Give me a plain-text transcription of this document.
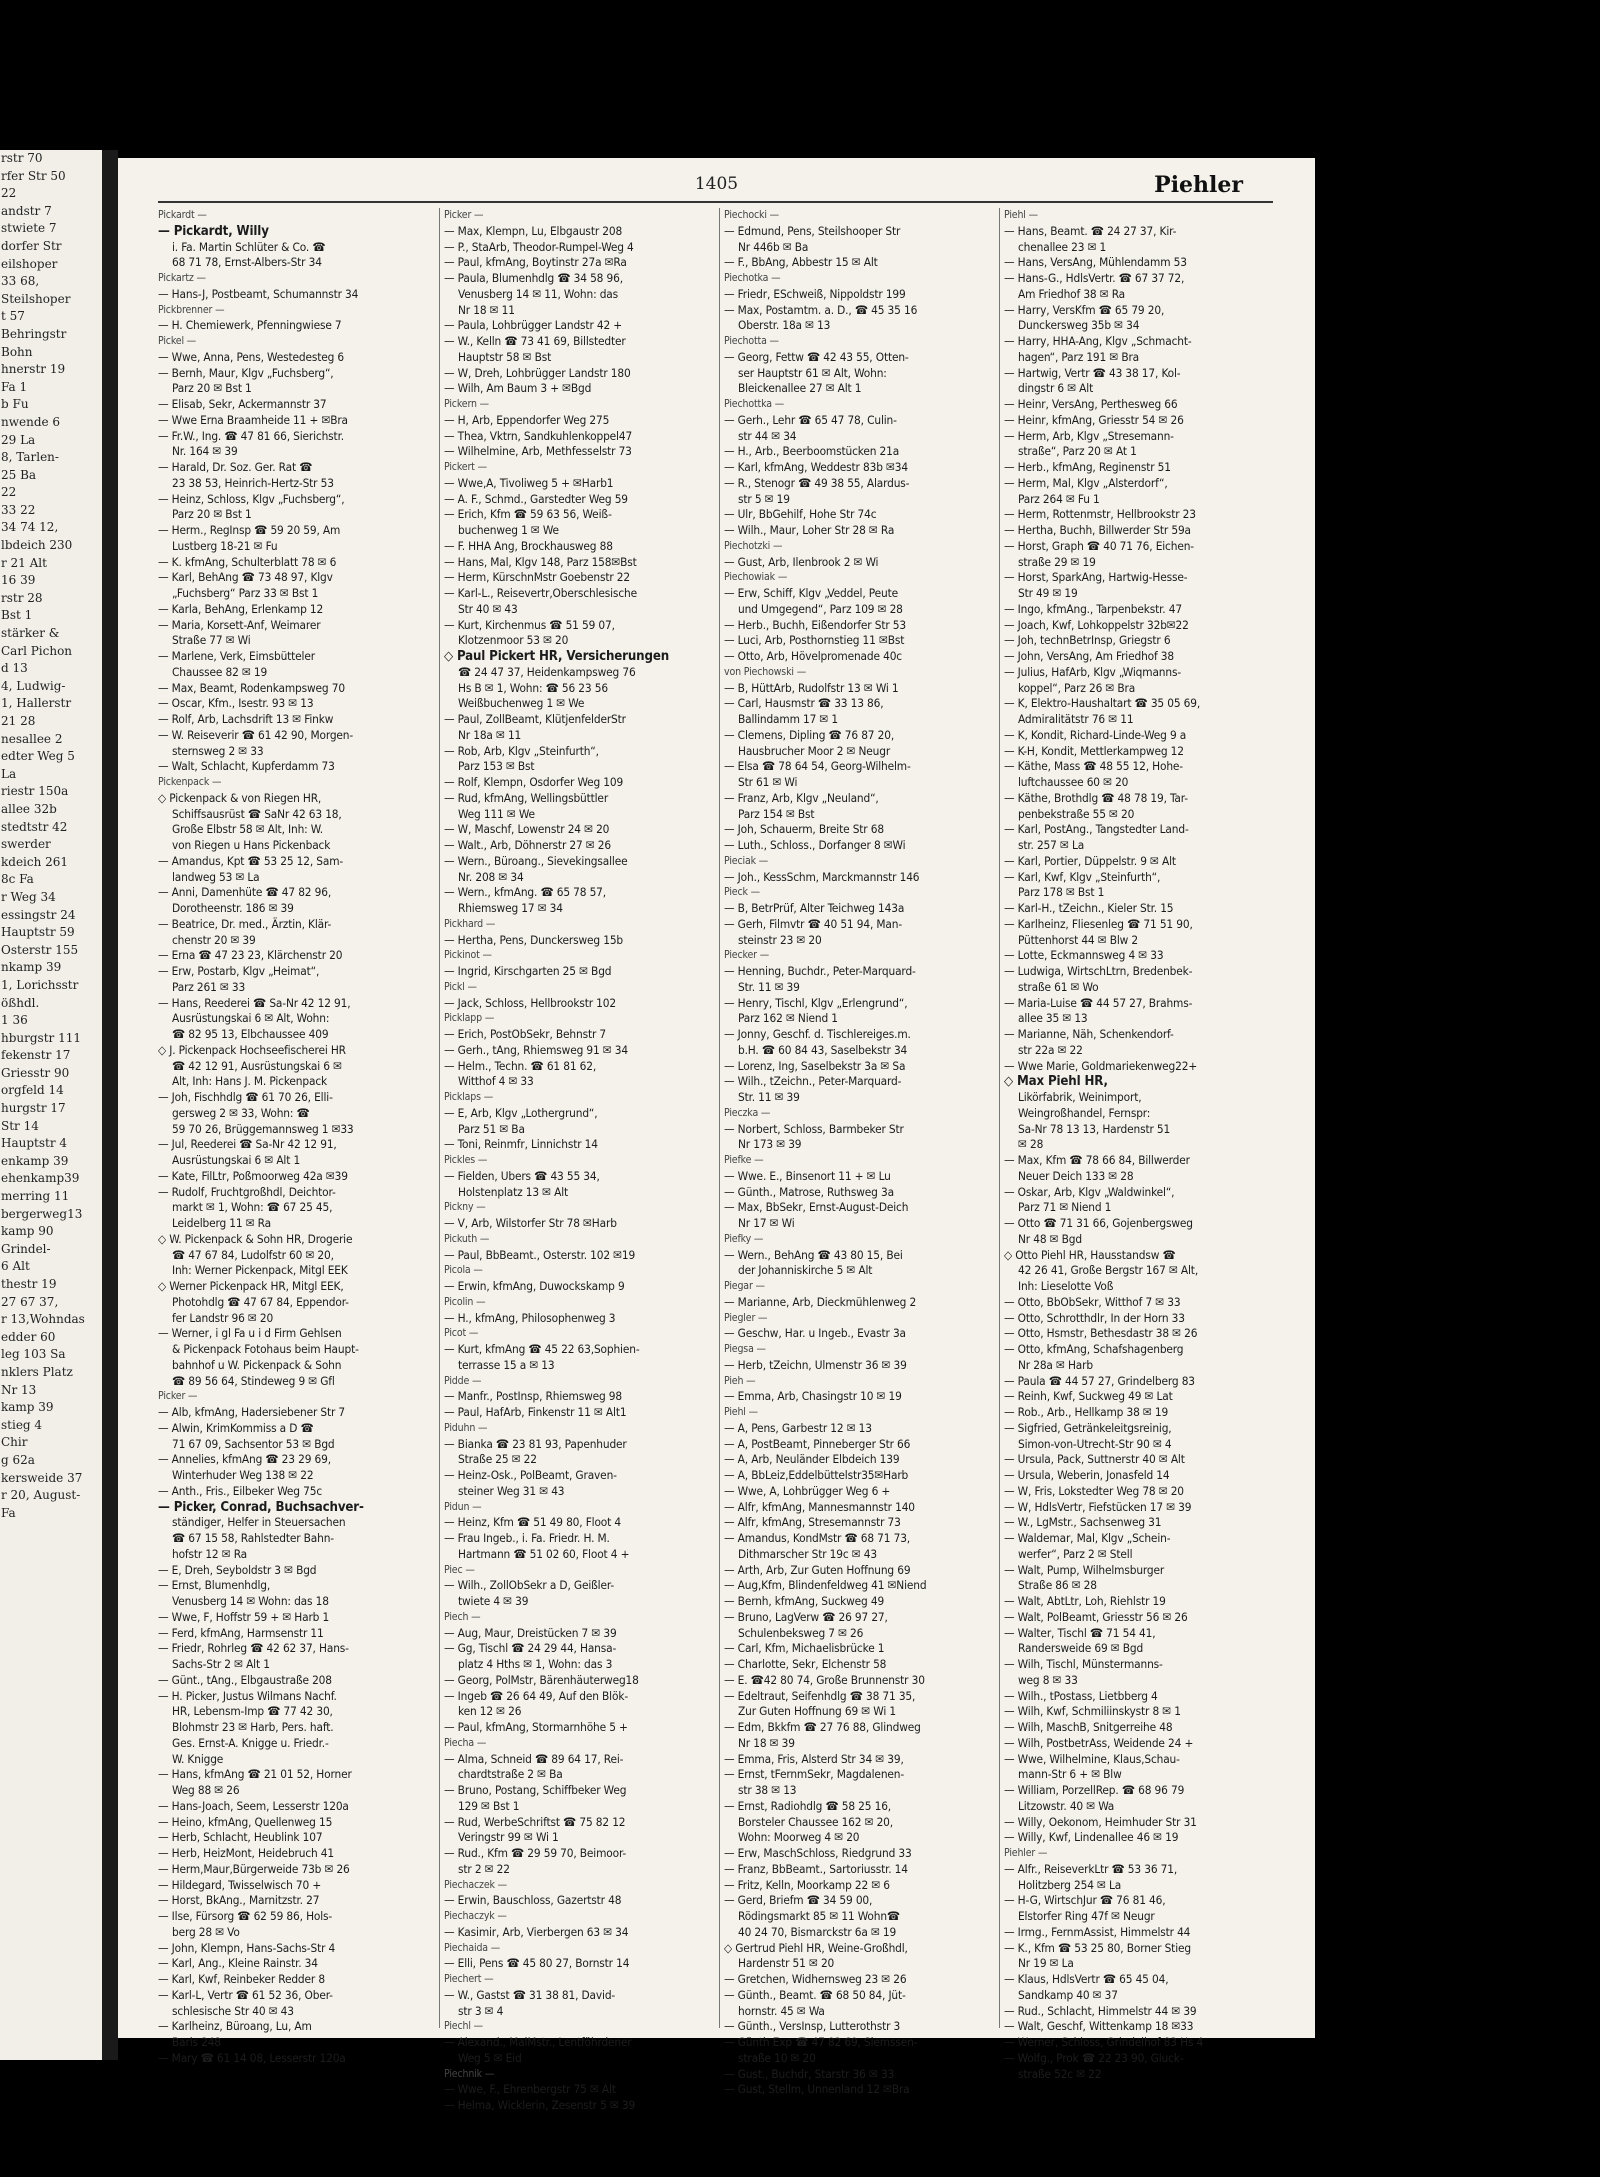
rstr 70
rfer Str 50
22
andstr 7
stwiete 7
dorfer Str
eilshoper
33 68,
Steilshoper
t 57
Behringstr
Bohn
hnerstr 19
Fa 1
b Fu
nwende 6
29 La
8, Tarlen-
25 Ba
22
33 22
34 74 12,
lbdeich 230
r 21 Alt
16 39
rstr 28
Bst 1
stärker &
Carl Pichon
d 13
4, Ludwig-
1, Hallerstr
21 28
nesallee 2
edter Weg 5
La
riestr 150a
allee 32b
stedtstr 42
swerder
kdeich 261
8c Fa
r Weg 34
essingstr 24
Hauptstr 59
Osterstr 155
nkamp 39
1, Lorichsstr
ößhdl.
1 36
hburgstr 111
fekenstr 17
Griesstr 90
orgfeld 14
hurgstr 17
Str 14
Hauptstr 4
enkamp 39
ehenkamp39
merring 11
bergerweg13
kamp 90
Grindel-
6 Alt
thestr 19
27 67 37,
r 13,Wohndas
edder 60
leg 103 Sa
nklers Platz
Nr 13
kamp 39
stieg 4
Chir
g 62a
kersweide 37
r 20, August-
Fa
1405	Piehler
Pickardt —
— Pickardt, Willy
i. Fa. Martin Schlüter & Co. ☎
68 71 78, Ernst-Albers-Str 34
Pickartz —
— Hans-J, Postbeamt, Schumannstr 34
Pickbrenner —
— H. Chemiewerk, Pfenningwiese 7
Pickel —
— Wwe, Anna, Pens, Westedesteg 6
— Bernh, Maur, Klgv „Fuchsberg“,
Parz 20 ✉ Bst 1
— Elisab, Sekr, Ackermannstr 37
— Wwe Erna Braamheide 11 + ✉Bra
— Fr.W., Ing. ☎ 47 81 66, Sierichstr.
Nr. 164 ✉ 39
— Harald, Dr. Soz. Ger. Rat ☎
23 38 53, Heinrich-Hertz-Str 53
— Heinz, Schloss, Klgv „Fuchsberg“,
Parz 20 ✉ Bst 1
— Herm., RegInsp ☎ 59 20 59, Am
Lustberg 18-21 ✉ Fu
— K. kfmAng, Schulterblatt 78 ✉ 6
— Karl, BehAng ☎ 73 48 97, Klgv
„Fuchsberg“ Parz 33 ✉ Bst 1
— Karla, BehAng, Erlenkamp 12
— Maria, Korsett-Anf, Weimarer
Straße 77 ✉ Wi
— Marlene, Verk, Eimsbütteler
Chaussee 82 ✉ 19
— Max, Beamt, Rodenkampsweg 70
— Oscar, Kfm., Isestr. 93 ✉ 13
— Rolf, Arb, Lachsdrift 13 ✉ Finkw
— W. Reiseverir ☎ 61 42 90, Morgen-
sternsweg 2 ✉ 33
— Walt, Schlacht, Kupferdamm 73
Pickenpack —
◇ Pickenpack & von Riegen HR,
Schiffsausrüst ☎ SaNr 42 63 18,
Große Elbstr 58 ✉ Alt, Inh: W.
von Riegen u Hans Pickenback
— Amandus, Kpt ☎ 53 25 12, Sam-
landweg 53 ✉ La
— Anni, Damenhüte ☎ 47 82 96,
Dorotheenstr. 186 ✉ 39
— Beatrice, Dr. med., Ärztin, Klär-
chenstr 20 ✉ 39
— Erna ☎ 47 23 23, Klärchenstr 20
— Erw, Postarb, Klgv „Heimat“,
Parz 261 ✉ 33
— Hans, Reederei ☎ Sa-Nr 42 12 91,
Ausrüstungskai 6 ✉ Alt, Wohn:
☎ 82 95 13, Elbchaussee 409
◇ J. Pickenpack Hochseefischerei HR
☎ 42 12 91, Ausrüstungskai 6 ✉
Alt, Inh: Hans J. M. Pickenpack
— Joh, Fischhdlg ☎ 61 70 26, Elli-
gersweg 2 ✉ 33, Wohn: ☎
59 70 26, Brüggemannsweg 1 ✉33
— Jul, Reederei ☎ Sa-Nr 42 12 91,
Ausrüstungskai 6 ✉ Alt 1
— Kate, FilLtr, Poßmoorweg 42a ✉39
— Rudolf, Fruchtgroßhdl, Deichtor-
markt ✉ 1, Wohn: ☎ 67 25 45,
Leidelberg 11 ✉ Ra
◇ W. Pickenpack & Sohn HR, Drogerie
☎ 47 67 84, Ludolfstr 60 ✉ 20,
Inh: Werner Pickenpack, Mitgl EEK
◇ Werner Pickenpack HR, Mitgl EEK,
Photohdlg ☎ 47 67 84, Eppendor-
fer Landstr 96 ✉ 20
— Werner, i gl Fa u i d Firm Gehlsen
& Pickenpack Fotohaus beim Haupt-
bahnhof u W. Pickenpack & Sohn
☎ 89 56 64, Stindeweg 9 ✉ Gfl
Picker —
— Alb, kfmAng, Hadersiebener Str 7
— Alwin, KrimKommiss a D ☎
71 67 09, Sachsentor 53 ✉ Bgd
— Annelies, kfmAng ☎ 23 29 69,
Winterhuder Weg 138 ✉ 22
— Anth., Fris., Eilbeker Weg 75c
— Picker, Conrad, Buchsachver-
ständiger, Helfer in Steuersachen
☎ 67 15 58, Rahlstedter Bahn-
hofstr 12 ✉ Ra
— E, Dreh, Seyboldstr 3 ✉ Bgd
— Ernst, Blumenhdlg,
Venusberg 14 ✉ Wohn: das 18
— Wwe, F, Hoffstr 59 + ✉ Harb 1
— Ferd, kfmAng, Harmsenstr 11
— Friedr, Rohrleg ☎ 42 62 37, Hans-
Sachs-Str 2 ✉ Alt 1
— Günt., tAng., Elbgaustraße 208
— H. Picker, Justus Wilmans Nachf.
HR, Lebensm-Imp ☎ 77 42 30,
Blohmstr 23 ✉ Harb, Pers. haft.
Ges. Ernst-A. Knigge u. Friedr.-
W. Knigge
— Hans, kfmAng ☎ 21 01 52, Horner
Weg 88 ✉ 26
— Hans-Joach, Seem, Lesserstr 120a
— Heino, kfmAng, Quellenweg 15
— Herb, Schlacht, Heublink 107
— Herb, HeizMont, Heidebruch 41
— Herm,Maur,Bürgerweide 73b ✉ 26
— Hildegard, Twisselwisch 70 +
— Horst, BkAng., Marnitzstr. 27
— Ilse, Fürsorg ☎ 62 59 86, Hols-
berg 28 ✉ Vo
— John, Klempn, Hans-Sachs-Str 4
— Karl, Ang., Kleine Rainstr. 34
— Karl, Kwf, Reinbeker Redder 8
— Karl-L, Vertr ☎ 61 52 36, Ober-
schlesische Str 40 ✉ 43
— Karlheinz, Büroang, Lu, Am
Barls 248
— Mary ☎ 61 14 08, Lesserstr 120a
Picker —
— Max, Klempn, Lu, Elbgaustr 208
— P., StaArb, Theodor-Rumpel-Weg 4
— Paul, kfmAng, Boytinstr 27a ✉Ra
— Paula, Blumenhdlg ☎ 34 58 96,
Venusberg 14 ✉ 11, Wohn: das
Nr 18 ✉ 11
— Paula, Lohbrügger Landstr 42 +
— W., Kelln ☎ 73 41 69, Billstedter
Hauptstr 58 ✉ Bst
— W, Dreh, Lohbrügger Landstr 180
— Wilh, Am Baum 3 + ✉Bgd
Pickern —
— H, Arb, Eppendorfer Weg 275
— Thea, Vktrn, Sandkuhlenkoppel47
— Wilhelmine, Arb, Methfesselstr 73
Pickert —
— Wwe,A, Tivoliweg 5 + ✉Harb1
— A. F., Schmd., Garstedter Weg 59
— Erich, Kfm ☎ 59 63 56, Weiß-
buchenweg 1 ✉ We
— F. HHA Ang, Brockhausweg 88
— Hans, Mal, Klgv 148, Parz 158✉Bst
— Herm, KürschnMstr Goebenstr 22
— Karl-L., Reisevertr,Oberschlesische
Str 40 ✉ 43
— Kurt, Kirchenmus ☎ 51 59 07,
Klotzenmoor 53 ✉ 20
◇ Paul Pickert HR, Versicherungen
☎ 24 47 37, Heidenkampsweg 76
Hs B ✉ 1, Wohn: ☎ 56 23 56
Weißbuchenweg 1 ✉ We
— Paul, ZollBeamt, KlütjenfelderStr
Nr 18a ✉ 11
— Rob, Arb, Klgv „Steinfurth“,
Parz 153 ✉ Bst
— Rolf, Klempn, Osdorfer Weg 109
— Rud, kfmAng, Wellingsbüttler
Weg 111 ✉ We
— W, Maschf, Lowenstr 24 ✉ 20
— Walt., Arb, Döhnerstr 27 ✉ 26
— Wern., Büroang., Sievekingsallee
Nr. 208 ✉ 34
— Wern., kfmAng. ☎ 65 78 57,
Rhiemsweg 17 ✉ 34
Pickhard —
— Hertha, Pens, Dunckersweg 15b
Pickinot —
— Ingrid, Kirschgarten 25 ✉ Bgd
Pickl —
— Jack, Schloss, Hellbrookstr 102
Picklapp —
— Erich, PostObSekr, Behnstr 7
— Gerh., tAng, Rhiemsweg 91 ✉ 34
— Helm., Techn. ☎ 61 81 62,
Witthof 4 ✉ 33
Picklaps —
— E, Arb, Klgv „Lothergrund“,
Parz 51 ✉ Ba
— Toni, Reinmfr, Linnichstr 14
Pickles —
— Fielden, Ubers ☎ 43 55 34,
Holstenplatz 13 ✉ Alt
Pickny —
— V, Arb, Wilstorfer Str 78 ✉Harb
Pickuth —
— Paul, BbBeamt., Osterstr. 102 ✉19
Picola —
— Erwin, kfmAng, Duwockskamp 9
Picolin —
— H., kfmAng, Philosophenweg 3
Picot —
— Kurt, kfmAng ☎ 45 22 63,Sophien-
terrasse 15 a ✉ 13
Pidde —
— Manfr., PostInsp, Rhiemsweg 98
— Paul, HafArb, Finkenstr 11 ✉ Alt1
Piduhn —
— Bianka ☎ 23 81 93, Papenhuder
Straße 25 ✉ 22
— Heinz-Osk., PolBeamt, Graven-
steiner Weg 31 ✉ 43
Pidun —
— Heinz, Kfm ☎ 51 49 80, Floot 4
— Frau Ingeb., i. Fa. Friedr. H. M.
Hartmann ☎ 51 02 60, Floot 4 +
Piec —
— Wilh., ZollObSekr a D, Geißler-
twiete 4 ✉ 39
Piech —
— Aug, Maur, Dreistücken 7 ✉ 39
— Gg, Tischl ☎ 24 29 44, Hansa-
platz 4 Hths ✉ 1, Wohn: das 3
— Georg, PolMstr, Bärenhäuterweg18
— Ingeb ☎ 26 64 49, Auf den Blök-
ken 12 ✉ 26
— Paul, kfmAng, Stormarnhöhe 5 +
Piecha —
— Alma, Schneid ☎ 89 64 17, Rei-
chardtstraße 2 ✉ Ba
— Bruno, Postang, Schiffbeker Weg
129 ✉ Bst 1
— Rud, WerbeSchriftst ☎ 75 82 12
Veringstr 99 ✉ Wi 1
— Rud., Kfm ☎ 29 59 70, Beimoor-
str 2 ✉ 22
Piechaczek —
— Erwin, Bauschloss, Gazertstr 48
Piechaczyk —
— Kasimir, Arb, Vierbergen 63 ✉ 34
Piechaida —
— Elli, Pens ☎ 45 80 27, Bornstr 14
Piechert —
— W., Gastst ☎ 31 38 81, David-
str 3 ✉ 4
Piechl —
— Alexand., MalMstr., Lentföhrdener
Weg 5 ✉ Eid
Piechnik —
— Wwe, F., Ehrenbergstr 75 ✉ Alt
— Helma, Wicklerin, Zesenstr 5 ✉ 39
Piechocki —
— Edmund, Pens, Steilshooper Str
Nr 446b ✉ Ba
— F., BbAng, Abbestr 15 ✉ Alt
Piechotka —
— Friedr, ESchweiß, Nippoldstr 199
— Max, Postamtm. a. D., ☎ 45 35 16
Oberstr. 18a ✉ 13
Piechotta —
— Georg, Fettw ☎ 42 43 55, Otten-
ser Hauptstr 61 ✉ Alt, Wohn:
Bleickenallee 27 ✉ Alt 1
Piechottka —
— Gerh., Lehr ☎ 65 47 78, Culin-
str 44 ✉ 34
— H., Arb., Beerboomstücken 21a
— Karl, kfmAng, Weddestr 83b ✉34
— R., Stenogr ☎ 49 38 55, Alardus-
str 5 ✉ 19
— Ulr, BbGehilf, Hohe Str 74c
— Wilh., Maur, Loher Str 28 ✉ Ra
Piechotzki —
— Gust, Arb, Ilenbrook 2 ✉ Wi
Piechowiak —
— Erw, Schiff, Klgv „Veddel, Peute
und Umgegend“, Parz 109 ✉ 28
— Herb., Buchh, Eißendorfer Str 53
— Luci, Arb, Posthornstieg 11 ✉Bst
— Otto, Arb, Hövelpromenade 40c
von Piechowski —
— B, HüttArb, Rudolfstr 13 ✉ Wi 1
— Carl, Hausmstr ☎ 33 13 86,
Ballindamm 17 ✉ 1
— Clemens, Dipling ☎ 76 87 20,
Hausbrucher Moor 2 ✉ Neugr
— Elsa ☎ 78 64 54, Georg-Wilhelm-
Str 61 ✉ Wi
— Franz, Arb, Klgv „Neuland“,
Parz 154 ✉ Bst
— Joh, Schauerm, Breite Str 68
— Luth., Schloss., Dorfanger 8 ✉Wi
Pieciak —
— Joh., KessSchm, Marckmannstr 146
Pieck —
— B, BetrPrüf, Alter Teichweg 143a
— Gerh, Filmvtr ☎ 40 51 94, Man-
steinstr 23 ✉ 20
Piecker —
— Henning, Buchdr., Peter-Marquard-
Str. 11 ✉ 39
— Henry, Tischl, Klgv „Erlengrund“,
Parz 162 ✉ Niend 1
— Jonny, Geschf. d. Tischlereiges.m.
b.H. ☎ 60 84 43, Saselbekstr 34
— Lorenz, Ing, Saselbekstr 3a ✉ Sa
— Wilh., tZeichn., Peter-Marquard-
Str. 11 ✉ 39
Pieczka —
— Norbert, Schloss, Barmbeker Str
Nr 173 ✉ 39
Piefke —
— Wwe. E., Binsenort 11 + ✉ Lu
— Günth., Matrose, Ruthsweg 3a
— Max, BbSekr, Ernst-August-Deich
Nr 17 ✉ Wi
Piefky —
— Wern., BehAng ☎ 43 80 15, Bei
der Johanniskirche 5 ✉ Alt
Piegar —
— Marianne, Arb, Dieckmühlenweg 2
Piegler —
— Geschw, Har. u Ingeb., Evastr 3a
Piegsa —
— Herb, tZeichn, Ulmenstr 36 ✉ 39
Pieh —
— Emma, Arb, Chasingstr 10 ✉ 19
Piehl —
— A, Pens, Garbestr 12 ✉ 13
— A, PostBeamt, Pinneberger Str 66
— A, Arb, Neuländer Elbdeich 139
— A, BbLeiz,Eddelbüttelstr35✉Harb
— Wwe, A, Lohbrügger Weg 6 +
— Alfr, kfmAng, Mannesmannstr 140
— Alfr, kfmAng, Stresemannstr 73
— Amandus, KondMstr ☎ 68 71 73,
Dithmarscher Str 19c ✉ 43
— Arth, Arb, Zur Guten Hoffnung 69
— Aug,Kfm, Blindenfeldweg 41 ✉Niend
— Bernh, kfmAng, Suckweg 49
— Bruno, LagVerw ☎ 26 97 27,
Schulenbeksweg 7 ✉ 26
— Carl, Kfm, Michaelisbrücke 1
— Charlotte, Sekr, Elchenstr 58
— E. ☎42 80 74, Große Brunnenstr 30
— Edeltraut, Seifenhdlg ☎ 38 71 35,
Zur Guten Hoffnung 69 ✉ Wi 1
— Edm, Bkkfm ☎ 27 76 88, Glindweg
Nr 18 ✉ 39
— Emma, Fris, Alsterd Str 34 ✉ 39,
— Ernst, tFernmSekr, Magdalenen-
str 38 ✉ 13
— Ernst, Radiohdlg ☎ 58 25 16,
Borsteler Chaussee 162 ✉ 20,
Wohn: Moorweg 4 ✉ 20
— Erw, MaschSchloss, Riedgrund 33
— Franz, BbBeamt., Sartoriusstr. 14
— Fritz, Kelln, Moorkamp 22 ✉ 6
— Gerd, Briefm ☎ 34 59 00,
Rödingsmarkt 85 ✉ 11 Wohn☎
40 24 70, Bismarckstr 6a ✉ 19
◇ Gertrud Piehl HR, Weine-Großhdl,
Hardenstr 51 ✉ 20
— Gretchen, Widhernsweg 23 ✉ 26
— Günth., Beamt. ☎ 68 50 84, Jüt-
hornstr. 45 ✉ Wa
— Günth., VersInsp, Lutterothstr 3
— Günth Exp ☎ 47 82 69, Siemssen-
straße 10 ✉ 20
— Gust., Buchdr, Starstr 36 ✉ 33
— Gust, Stellm, Unnenland 12 ✉Bra
Piehl —
— Hans, Beamt. ☎ 24 27 37, Kir-
chenallee 23 ✉ 1
— Hans, VersAng, Mühlendamm 53
— Hans-G., HdlsVertr. ☎ 67 37 72,
Am Friedhof 38 ✉ Ra
— Harry, VersKfm ☎ 65 79 20,
Dunckersweg 35b ✉ 34
— Harry, HHA-Ang, Klgv „Schmacht-
hagen“, Parz 191 ✉ Bra
— Hartwig, Vertr ☎ 43 38 17, Kol-
dingstr 6 ✉ Alt
— Heinr, VersAng, Perthesweg 66
— Heinr, kfmAng, Griesstr 54 ✉ 26
— Herm, Arb, Klgv „Stresemann-
straße“, Parz 20 ✉ At 1
— Herb., kfmAng, Reginenstr 51
— Herm, Mal, Klgv „Alsterdorf“,
Parz 264 ✉ Fu 1
— Herm, Rottenmstr, Hellbrookstr 23
— Hertha, Buchh, Billwerder Str 59a
— Horst, Graph ☎ 40 71 76, Eichen-
straße 29 ✉ 19
— Horst, SparkAng, Hartwig-Hesse-
Str 49 ✉ 19
— Ingo, kfmAng., Tarpenbekstr. 47
— Joach, Kwf, Lohkoppelstr 32b✉22
— Joh, technBetrInsp, Griegstr 6
— John, VersAng, Am Friedhof 38
— Julius, HafArb, Klgv „Wiqmanns-
koppel“, Parz 26 ✉ Bra
— K, Elektro-Haushaltart ☎ 35 05 69,
Admiralitätstr 76 ✉ 11
— K, Kondit, Richard-Linde-Weg 9 a
— K-H, Kondit, Mettlerkampweg 12
— Käthe, Mass ☎ 48 55 12, Hohe-
luftchaussee 60 ✉ 20
— Käthe, Brothdlg ☎ 48 78 19, Tar-
penbekstraße 55 ✉ 20
— Karl, PostAng., Tangstedter Land-
str. 257 ✉ La
— Karl, Portier, Düppelstr. 9 ✉ Alt
— Karl, Kwf, Klgv „Steinfurth“,
Parz 178 ✉ Bst 1
— Karl-H., tZeichn., Kieler Str. 15
— Karlheinz, Fliesenleg ☎ 71 51 90,
Püttenhorst 44 ✉ Blw 2
— Lotte, Eckmannsweg 4 ✉ 33
— Ludwiga, WirtschLtrn, Bredenbek-
straße 61 ✉ Wo
— Maria-Luise ☎ 44 57 27, Brahms-
allee 35 ✉ 13
— Marianne, Näh, Schenkendorf-
str 22a ✉ 22
— Wwe Marie, Goldmariekenweg22+
◇ Max Piehl HR,
Likörfabrik, Weinimport,
Weingroßhandel, Fernspr:
Sa-Nr 78 13 13, Hardenstr 51
✉ 28
— Max, Kfm ☎ 78 66 84, Billwerder
Neuer Deich 133 ✉ 28
— Oskar, Arb, Klgv „Waldwinkel“,
Parz 71 ✉ Niend 1
— Otto ☎ 71 31 66, Gojenbergsweg
Nr 48 ✉ Bgd
◇ Otto Piehl HR, Hausstandsw ☎
42 26 41, Große Bergstr 167 ✉ Alt,
Inh: Lieselotte Voß
— Otto, BbObSekr, Witthof 7 ✉ 33
— Otto, Schrotthdlr, In der Horn 33
— Otto, Hsmstr, Bethesdastr 38 ✉ 26
— Otto, kfmAng, Schafshagenberg
Nr 28a ✉ Harb
— Paula ☎ 44 57 27, Grindelberg 83
— Reinh, Kwf, Suckweg 49 ✉ Lat
— Rob., Arb., Hellkamp 38 ✉ 19
— Sigfried, Getränkeleitgsreinig,
Simon-von-Utrecht-Str 90 ✉ 4
— Ursula, Pack, Suttnerstr 40 ✉ Alt
— Ursula, Weberin, Jonasfeld 14
— W, Fris, Lokstedter Weg 78 ✉ 20
— W, HdlsVertr, Fiefstücken 17 ✉ 39
— W., LgMstr., Sachsenweg 31
— Waldemar, Mal, Klgv „Schein-
werfer“, Parz 2 ✉ Stell
— Walt, Pump, Wilhelmsburger
Straße 86 ✉ 28
— Walt, AbtLtr, Loh, Riehlstr 19
— Walt, PolBeamt, Griesstr 56 ✉ 26
— Walter, Tischl ☎ 71 54 41,
Randersweide 69 ✉ Bgd
— Wilh, Tischl, Münstermanns-
weg 8 ✉ 33
— Wilh., tPostass, Lietbberg 4
— Wilh, Kwf, Schmiliinskystr 8 ✉ 1
— Wilh, MaschB, Snitgerreihe 48
— Wilh, PostbetrAss, Weidende 24 +
— Wwe, Wilhelmine, Klaus,Schau-
mann-Str 6 + ✉ Blw
— William, PorzellRep. ☎ 68 96 79
Litzowstr. 40 ✉ Wa
— Willy, Oekonom, Heimhuder Str 31
— Willy, Kwf, Lindenallee 46 ✉ 19
Piehler —
— Alfr., ReiseverkLtr ☎ 53 36 71,
Holitzberg 254 ✉ La
— H-G, WirtschJur ☎ 76 81 46,
Elstorfer Ring 47f ✉ Neugr
— Irmg., FernmAssist, Himmelstr 44
— K., Kfm ☎ 53 25 80, Borner Stieg
Nr 19 ✉ La
— Klaus, HdlsVertr ☎ 65 45 04,
Sandkamp 40 ✉ 37
— Rud., Schlacht, Himmelstr 44 ✉ 39
— Walt, Geschf, Wittenkamp 18 ✉33
— Werner, Schloss, Grindelhof 83 Hs 4
— Wolfg., Prok ☎ 22 23 90, Gluck-
straße 52c ✉ 22
